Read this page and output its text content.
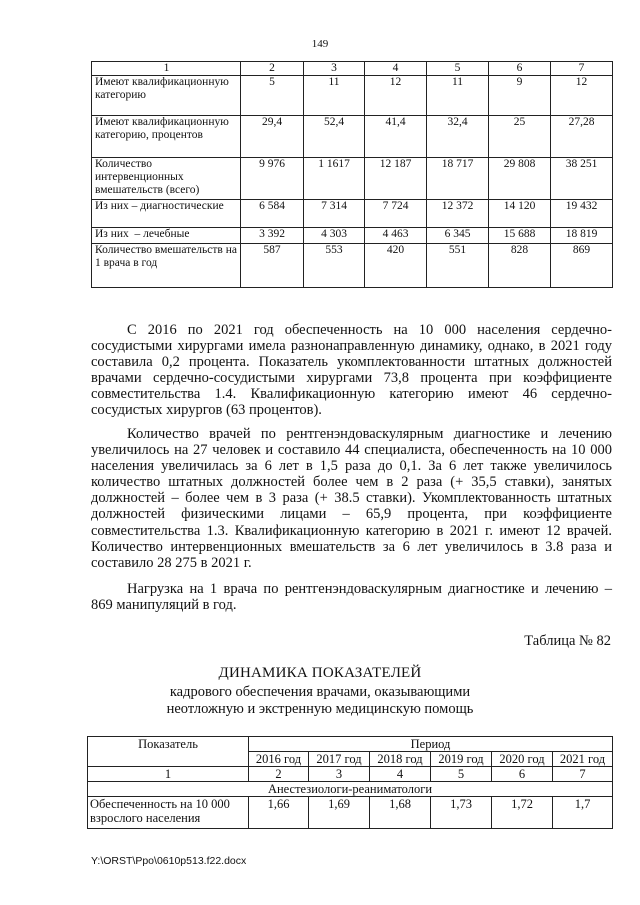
149
1	2	3	4	5	6	7
Имеют квалификационную категорию	5	11	12	11	9	12
Имеют квалификационную категорию, процентов	29,4	52,4	41,4	32,4	25	27,28
Количество интервенционных вмешательств (всего)	9 976	1 1617	12 187	18 717	29 808	38 251
Из них – диагностические	6 584	7 314	7 724	12 372	14 120	19 432
Из них  – лечебные	3 392	4 303	4 463	6 345	15 688	18 819
Количество вмешательств на 1 врача в год	587	553	420	551	828	869
С 2016 по 2021 год обеспеченность на 10 000 населения сердечно-сосудистыми хирургами имела разнонаправленную динамику, однако, в 2021 году составила 0,2 процента. Показатель укомплектованности штатных должностей врачами сердечно-сосудистыми хирургами 73,8 процента при коэффициенте совместительства 1.4. Квалификационную категорию имеют 46 сердечно-сосудистых хирургов (63 процентов).
Количество врачей по рентгенэндоваскулярным диагностике и лечению увеличилось на 27 человек и составило 44 специалиста, обеспеченность на 10 000 населения увеличилась за 6 лет в 1,5 раза до 0,1. За 6 лет также увеличилось количество штатных должностей более чем в 2 раза (+ 35,5 ставки), занятых должностей – более чем в 3 раза (+ 38.5 ставки). Укомплектованность штатных должностей физическими лицами – 65,9 процента, при коэффициенте совместительства 1.3. Квалификационную категорию в 2021 г. имеют 12 врачей. Количество интервенционных вмешательств за 6 лет увеличилось в 3.8 раза и составило 28 275 в 2021 г.
Нагрузка на 1 врача по рентгенэндоваскулярным диагностике и лечению – 869 манипуляций в год.
Таблица № 82
ДИНАМИКА ПОКАЗАТЕЛЕЙ
кадрового обеспечения врачами, оказывающими
неотложную и экстренную медицинскую помощь
Показатель	Период					
	2016 год	2017 год	2018 год	2019 год	2020 год	2021 год
1	2	3	4	5	6	7
Анестезиологи-реаниматологи						
Обеспеченность на 10 000 взрослого населения	1,66	1,69	1,68	1,73	1,72	1,7
Y:\ORST\Ppo\0610p513.f22.docx
